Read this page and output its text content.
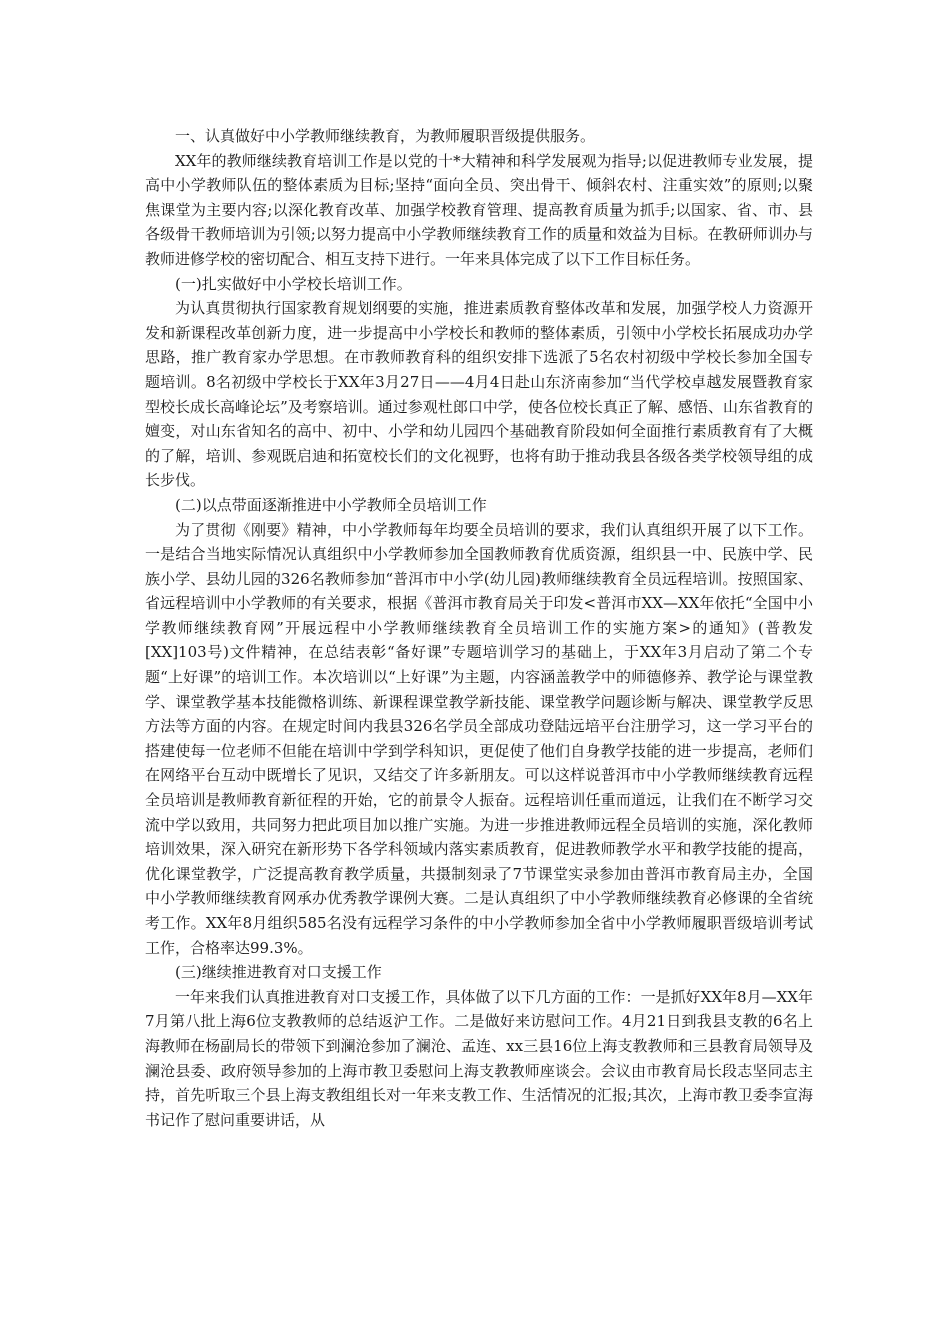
一、认真做好中小学教师继续教育，为教师履职晋级提供服务。

XX年的教师继续教育培训工作是以党的十*大精神和科学发展观为指导;以促进教师专业发展，提高中小学教师队伍的整体素质为目标;坚持“面向全员、突出骨干、倾斜农村、注重实效”的原则;以聚焦课堂为主要内容;以深化教育改革、加强学校教育管理、提高教育质量为抓手;以国家、省、市、县各级骨干教师培训为引领;以努力提高中小学教师继续教育工作的质量和效益为目标。在教研师训办与教师进修学校的密切配合、相互支持下进行。一年来具体完成了以下工作目标任务。

(一)扎实做好中小学校长培训工作。

为认真贯彻执行国家教育规划纲要的实施，推进素质教育整体改革和发展，加强学校人力资源开发和新课程改革创新力度，进一步提高中小学校长和教师的整体素质，引领中小学校长拓展成功办学思路，推广教育家办学思想。在市教师教育科的组织安排下选派了5名农村初级中学校长参加全国专题培训。8名初级中学校长于XX年3月27日——4月4日赴山东济南参加“当代学校卓越发展暨教育家型校长成长高峰论坛”及考察培训。通过参观杜郎口中学，使各位校长真正了解、感悟、山东省教育的嬗变，对山东省知名的高中、初中、小学和幼儿园四个基础教育阶段如何全面推行素质教育有了大概的了解，培训、参观既启迪和拓宽校长们的文化视野，也将有助于推动我县各级各类学校领导组的成长步伐。

(二)以点带面逐渐推进中小学教师全员培训工作

为了贯彻《刚要》精神，中小学教师每年均要全员培训的要求，我们认真组织开展了以下工作。一是结合当地实际情况认真组织中小学教师参加全国教师教育优质资源，组织县一中、民族中学、民族小学、县幼儿园的326名教师参加“普洱市中小学(幼儿园)教师继续教育全员远程培训。按照国家、省远程培训中小学教师的有关要求，根据《普洱市教育局关于印发<普洱市XX—XX年依托“全国中小学教师继续教育网”开展远程中小学教师继续教育全员培训工作的实施方案>的通知》(普教发[XX]103号)文件精神，在总结表彰“备好课”专题培训学习的基础上，于XX年3月启动了第二个专题“上好课”的培训工作。本次培训以“上好课”为主题，内容涵盖教学中的师德修养、教学论与课堂教学、课堂教学基本技能微格训练、新课程课堂教学新技能、课堂教学问题诊断与解决、课堂教学反思方法等方面的内容。在规定时间内我县326名学员全部成功登陆远培平台注册学习，这一学习平台的搭建使每一位老师不但能在培训中学到学科知识，更促使了他们自身教学技能的进一步提高，老师们在网络平台互动中既增长了见识，又结交了许多新朋友。可以这样说普洱市中小学教师继续教育远程全员培训是教师教育新征程的开始，它的前景令人振奋。远程培训任重而道远，让我们在不断学习交流中学以致用，共同努力把此项目加以推广实施。为进一步推进教师远程全员培训的实施，深化教师培训效果，深入研究在新形势下各学科领域内落实素质教育，促进教师教学水平和教学技能的提高，优化课堂教学，广泛提高教育教学质量，共摄制刻录了7节课堂实录参加由普洱市教育局主办，全国中小学教师继续教育网承办优秀教学课例大赛。二是认真组织了中小学教师继续教育必修课的全省统考工作。XX年8月组织585名没有远程学习条件的中小学教师参加全省中小学教师履职晋级培训考试工作，合格率达99.3%。

(三)继续推进教育对口支援工作

一年来我们认真推进教育对口支援工作，具体做了以下几方面的工作：一是抓好XX年8月—XX年7月第八批上海6位支教教师的总结返沪工作。二是做好来访慰问工作。4月21日到我县支教的6名上海教师在杨副局长的带领下到澜沧参加了澜沧、孟连、xx三县16位上海支教教师和三县教育局领导及澜沧县委、政府领导参加的上海市教卫委慰问上海支教教师座谈会。会议由市教育局长段志坚同志主持，首先听取三个县上海支教组组长对一年来支教工作、生活情况的汇报;其次，上海市教卫委李宣海书记作了慰问重要讲话，从
